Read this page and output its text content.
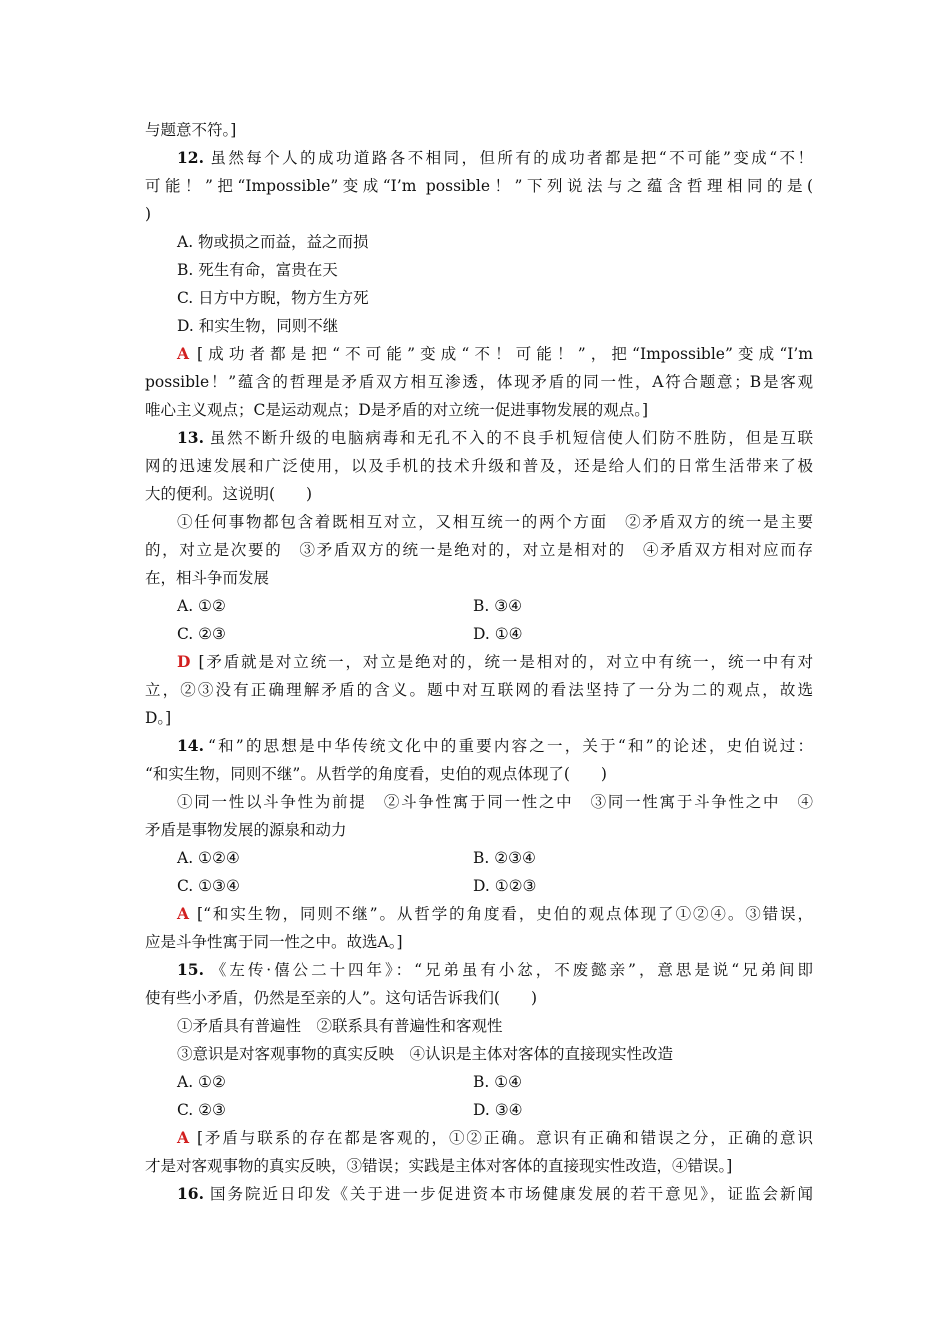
与题意不符。]
12. 虽然每个人的成功道路各不相同，但所有的成功者都是把“不可能”变成“不！
可能！”把“Impossible”变成“I’m possible！”下列说法与之蕴含哲理相同的是(
)
A. 物或损之而益，益之而损
B. 死生有命，富贵在天
C. 日方中方睨，物方生方死
D. 和实生物，同则不继
A [成功者都是把“不可能”变成“不！可能！”，把“Impossible”变成“I’m
possible！”蕴含的哲理是矛盾双方相互渗透，体现矛盾的同一性，A符合题意；B是客观
唯心主义观点；C是运动观点；D是矛盾的对立统一促进事物发展的观点。]
13. 虽然不断升级的电脑病毒和无孔不入的不良手机短信使人们防不胜防，但是互联
网的迅速发展和广泛使用，以及手机的技术升级和普及，还是给人们的日常生活带来了极
大的便利。这说明(　　)
①任何事物都包含着既相互对立，又相互统一的两个方面　②矛盾双方的统一是主要
的，对立是次要的　③矛盾双方的统一是绝对的，对立是相对的　④矛盾双方相对应而存
在，相斗争而发展
A. ①②	B. ③④
C. ②③	D. ①④
D [矛盾就是对立统一，对立是绝对的，统一是相对的，对立中有统一，统一中有对
立，②③没有正确理解矛盾的含义。题中对互联网的看法坚持了一分为二的观点，故选
D。]
14. “和”的思想是中华传统文化中的重要内容之一，关于“和”的论述，史伯说过：
“和实生物，同则不继”。从哲学的角度看，史伯的观点体现了(　　)
①同一性以斗争性为前提　②斗争性寓于同一性之中　③同一性寓于斗争性之中　④
矛盾是事物发展的源泉和动力
A. ①②④	B. ②③④
C. ①③④	D. ①②③
A [“和实生物，同则不继”。从哲学的角度看，史伯的观点体现了①②④。③错误，
应是斗争性寓于同一性之中。故选A。]
15. 《左传·僖公二十四年》：“兄弟虽有小忿，不废懿亲”，意思是说“兄弟间即
使有些小矛盾，仍然是至亲的人”。这句话告诉我们(　　)
①矛盾具有普遍性　②联系具有普遍性和客观性
③意识是对客观事物的真实反映　④认识是主体对客体的直接现实性改造
A. ①②	B. ①④
C. ②③	D. ③④
A [矛盾与联系的存在都是客观的，①②正确。意识有正确和错误之分，正确的意识
才是对客观事物的真实反映，③错误；实践是主体对客体的直接现实性改造，④错误。]
16. 国务院近日印发《关于进一步促进资本市场健康发展的若干意见》，证监会新闻
